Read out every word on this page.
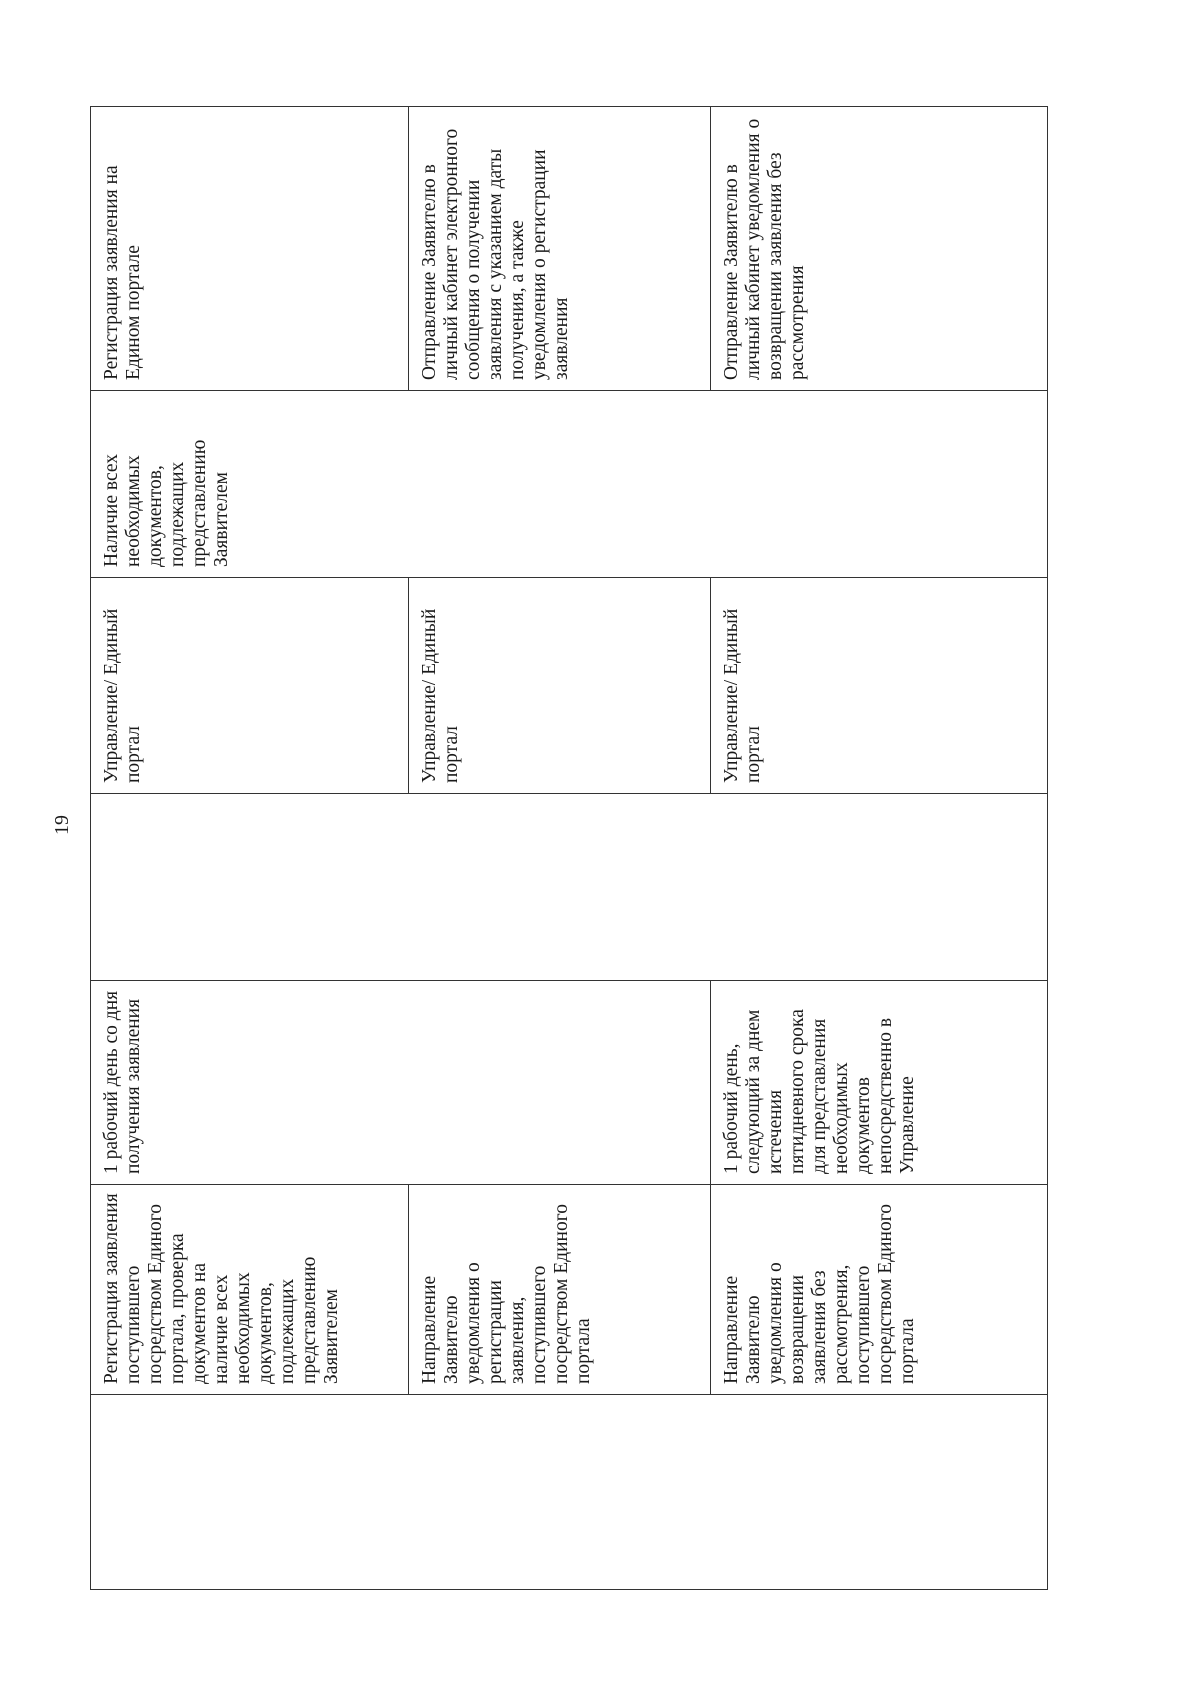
19
	Регистрация заявления поступившего посредством Единого портала, проверка документов на наличие всех необходимых документов, подлежащих представлению Заявителем	1 рабочий день со дня получения заявления		Управление/ Единый портал	Наличие всех необходимых документов, подлежащих представлению Заявителем	Регистрация заявления на Едином портале
	Направление Заявителю уведомления о регистрации заявления, поступившего посредством Единого портала			Управление/ Единый портал		Отправление Заявителю в личный кабинет электронного сообщения о получении заявления с указанием даты получения, а также уведомления о регистрации заявления
	Направление Заявителю уведомления о возвращении заявления без рассмотрения, поступившего посредством Единого портала	1 рабочий день, следующий за днем истечения пятидневного срока для представления необходимых документов непосредственно в Управление		Управление/ Единый портал		Отправление Заявителю в личный кабинет уведомления о возвращении заявления без рассмотрения
